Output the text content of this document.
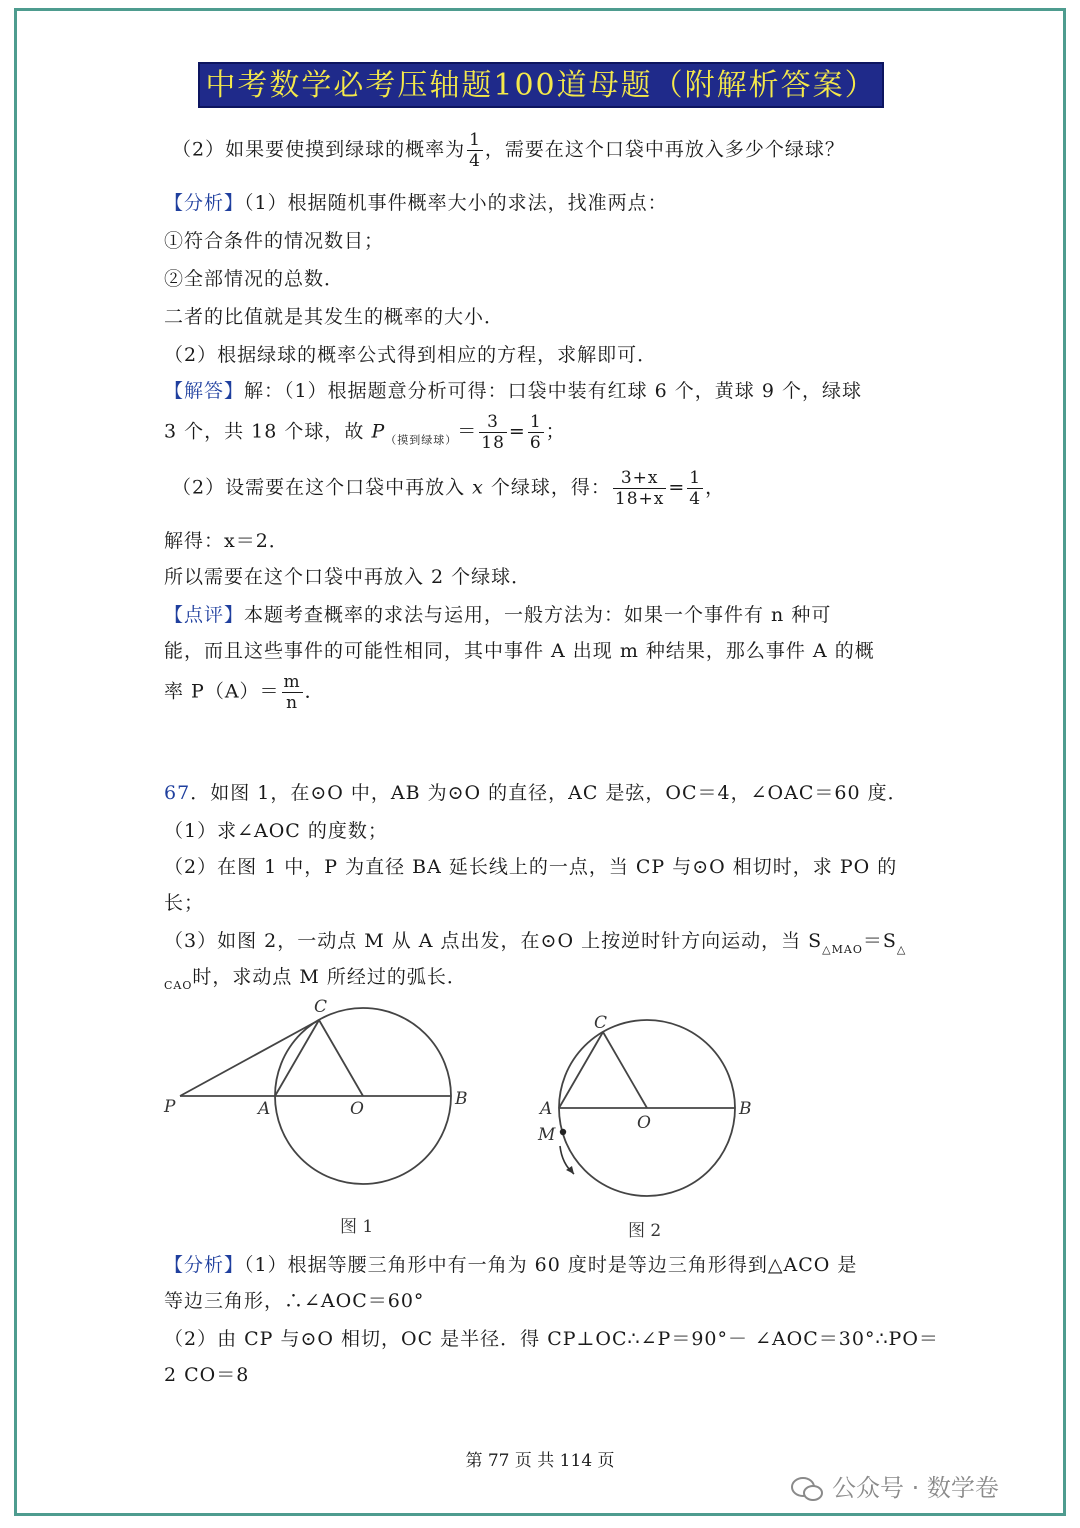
中考数学必考压轴题100道母题（附解析答案）
（2）如果要使摸到绿球的概率为 $\frac{1}{4}$ ，需要在这个口袋中再放入多少个绿球？
【分析】（1）根据随机事件概率大小的求法，找准两点：
①符合条件的情况数目；
②全部情况的总数．
二者的比值就是其发生的概率的大小．
（2）根据绿球的概率公式得到相应的方程，求解即可．
【解答】解：（1）根据题意分析可得：口袋中装有红球 6 个，黄球 9 个，绿球
3 个，共 18 个球，故 $P_{(摸到绿球)}= \frac{3}{18} = \frac{1}{6}$ ；
（2）设需要在这个口袋中再放入 x 个绿球，得： $\frac{3+x}{18+x} = \frac{1}{4}$ ，
解得：x＝2．
所以需要在这个口袋中再放入 2 个绿球．
【点评】本题考查概率的求法与运用，一般方法为：如果一个事件有 n 种可
能，而且这些事件的可能性相同，其中事件 A 出现 m 种结果，那么事件 A 的概
率 $P(A)= \frac{m}{n}$ ．
67．如图 1，在⊙O 中，AB 为⊙O 的直径，AC 是弦，OC＝4，∠OAC＝60 度．
（1）求∠AOC 的度数；
（2）在图 1 中，P 为直径 BA 延长线上的一点，当 CP 与⊙O 相切时，求 PO 的
长；
（3）如图 2，一动点 M 从 A 点出发，在⊙O 上按逆时针方向运动，当 $S_{\triangle MAO}=S_\triangle$
$_{CAO}$时，求动点 M 所经过的弧长．
C
P	A	O	B
图 1
C
A
M
O
B
图 2
【分析】（1）根据等腰三角形中有一角为 60 度时是等边三角形得到△ACO 是
等边三角形，∴∠AOC＝60°
（2）由 CP 与⊙O 相切，OC 是半径．得 CP⊥OC∴∠P＝90°－ ∠AOC＝30°∴PO＝
2 CO＝8
第 77 页 共 114 页
公众号 · 数学卷
